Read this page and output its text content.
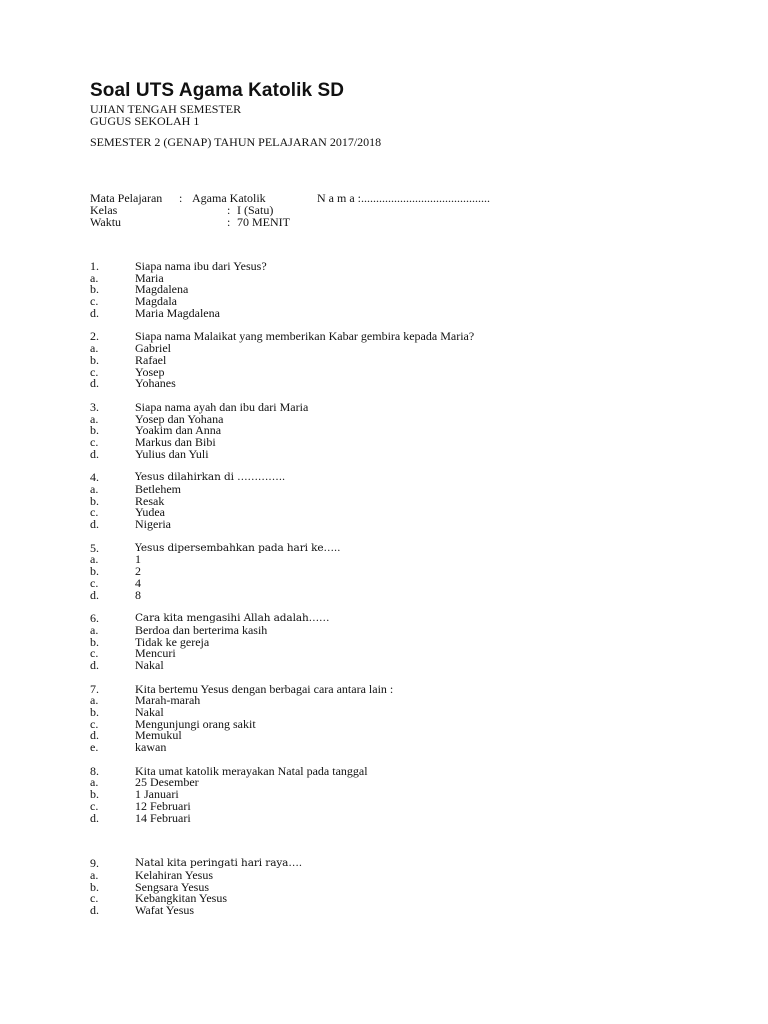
Soal UTS Agama Katolik SD
UJIAN TENGAH SEMESTER
GUGUS SEKOLAH 1
SEMESTER 2 (GENAP) TAHUN PELAJARAN 2017/2018
Mata Pelajaran : Agama Katolik	N a m a :...........................................
Kelas	: I (Satu)
Waktu	: 70 MENIT
1.	Siapa nama ibu dari Yesus?
a.	Maria
b.	Magdalena
c.	Magdala
d.	Maria Magdalena
2.	Siapa nama Malaikat yang memberikan Kabar gembira kepada Maria?
a.	Gabriel
b.	Rafael
c.	Yosep
d.	Yohanes
3.	Siapa nama ayah dan ibu dari Maria
a.	Yosep dan Yohana
b.	Yoakim dan Anna
c.	Markus dan Bibi
d.	Yulius dan Yuli
4.	Yesus dilahirkan di …………..
a.	Betlehem
b.	Resak
c.	Yudea
d.	Nigeria
5.	Yesus dipersembahkan pada hari ke…..
a.	1
b.	2
c.	4
d.	8
6.	Cara kita mengasihi Allah adalah……
a.	Berdoa dan berterima kasih
b.	Tidak ke gereja
c.	Mencuri
d.	Nakal
7.	Kita bertemu Yesus dengan berbagai cara antara lain :
a.	Marah-marah
b.	Nakal
c.	Mengunjungi orang sakit
d.	Memukul
e.	kawan
8.	Kita umat katolik merayakan Natal pada tanggal
a.	25 Desember
b.	1 Januari
c.	12 Februari
d.	14 Februari
9.	Natal kita peringati hari raya….
a.	Kelahiran Yesus
b.	Sengsara Yesus
c.	Kebangkitan Yesus
d.	Wafat Yesus
